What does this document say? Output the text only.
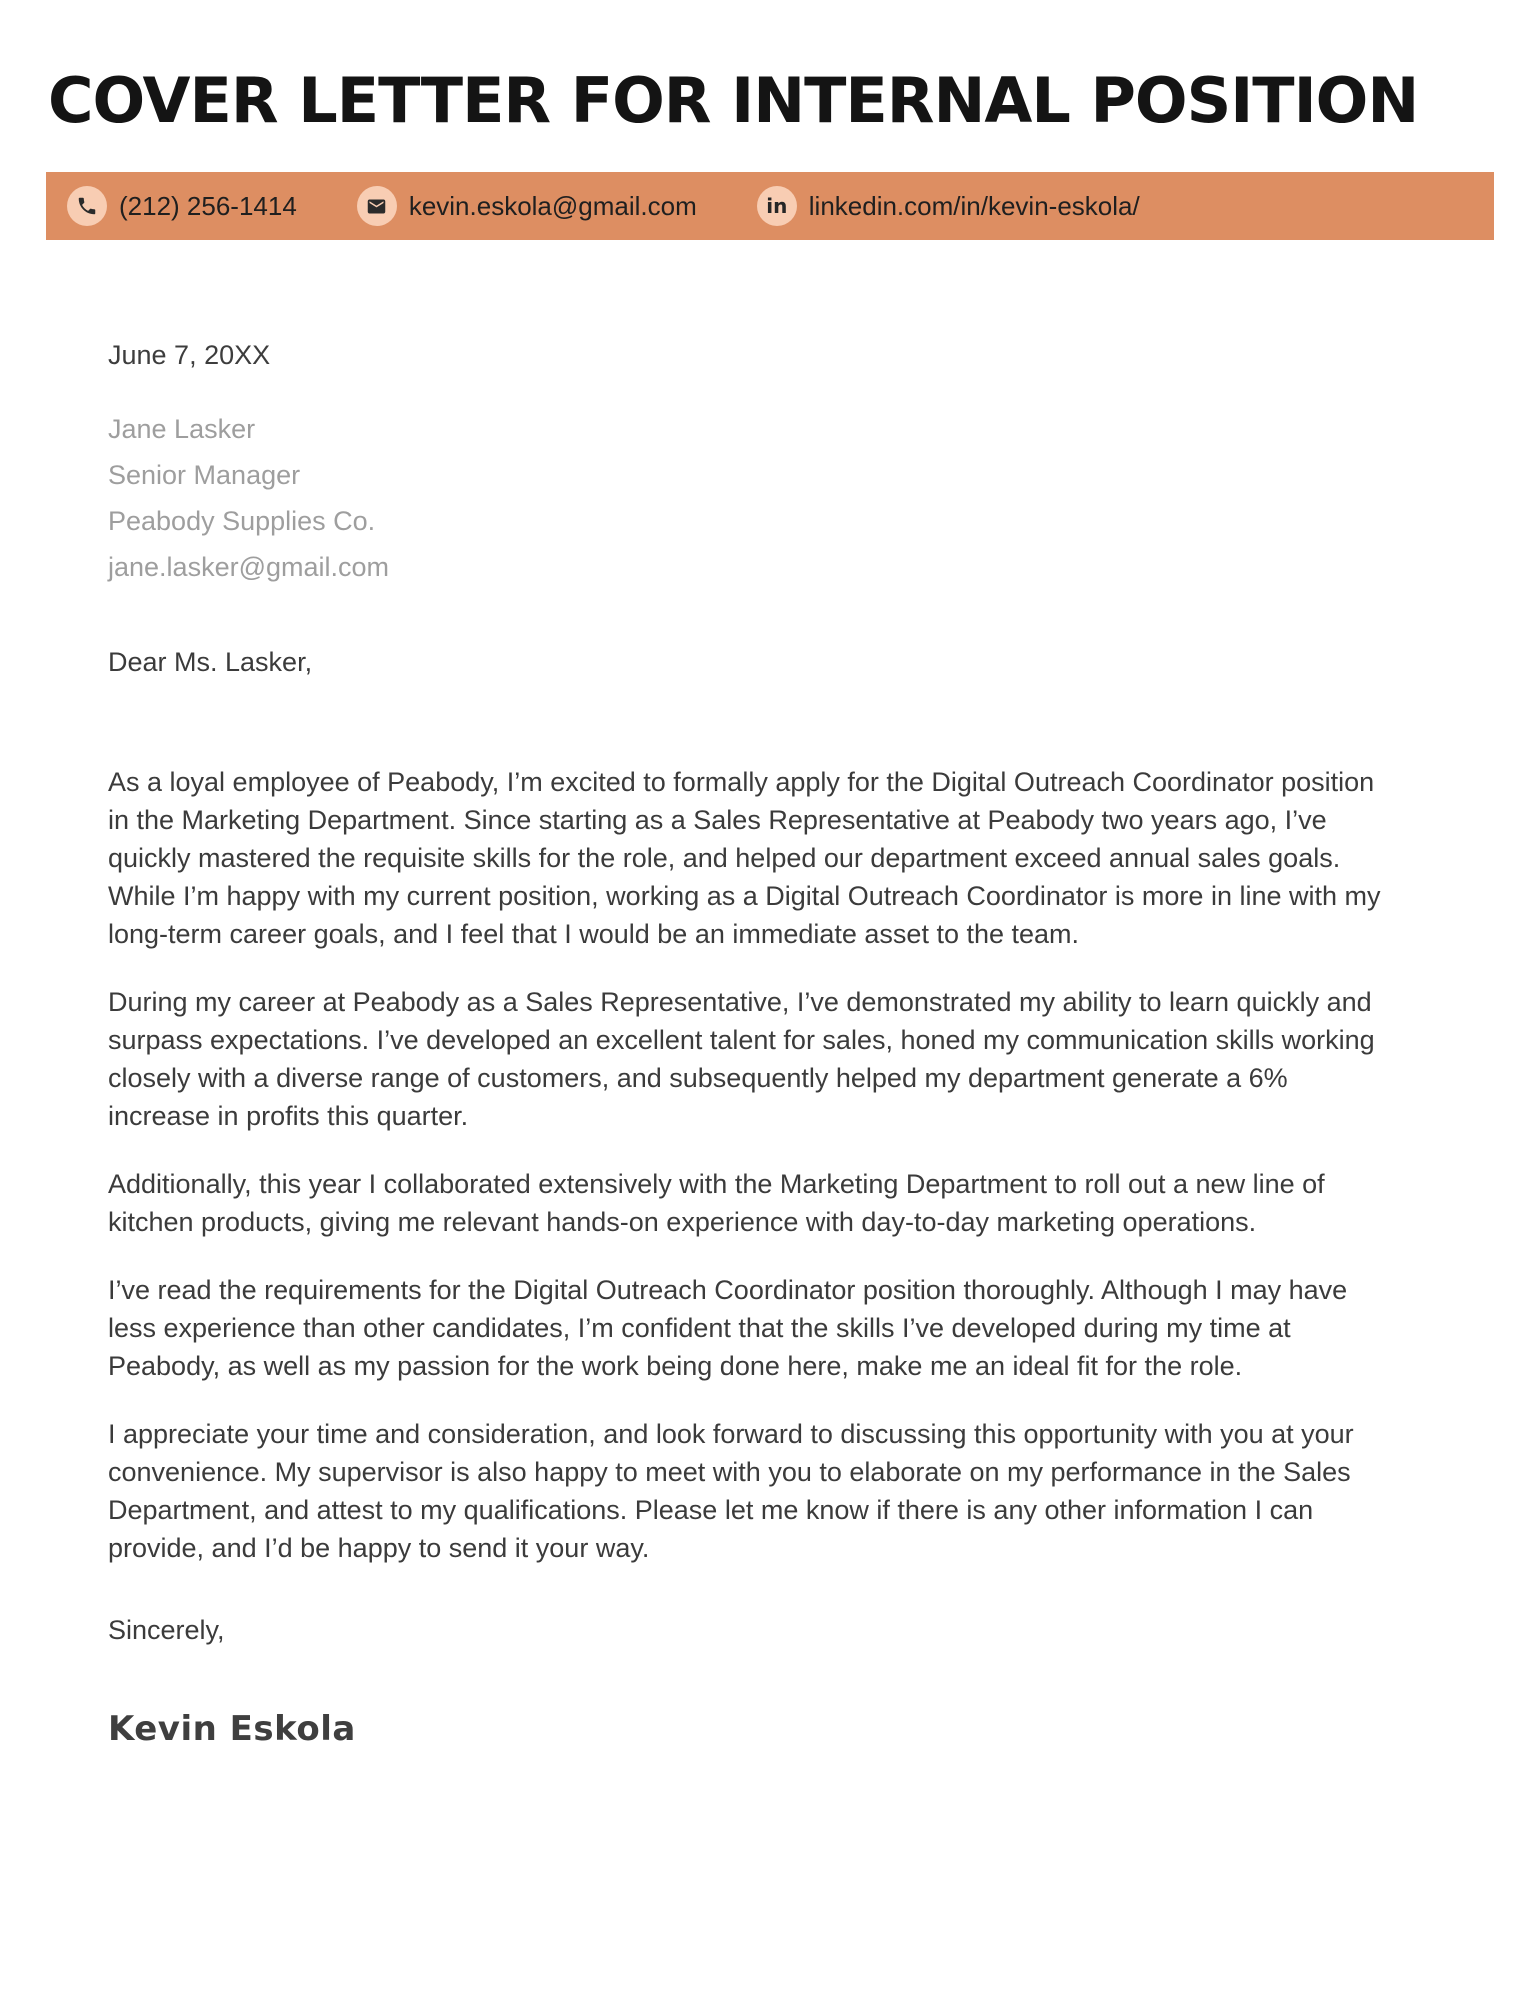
COVER LETTER FOR INTERNAL POSITION
(212) 256-1414	kevin.eskola@gmail.com	in linkedin.com/in/kevin-eskola/
June 7, 20XX
Jane Lasker
Senior Manager
Peabody Supplies Co.
jane.lasker@gmail.com
Dear Ms. Lasker,

As a loyal employee of Peabody, I’m excited to formally apply for the Digital Outreach Coordinator position in the Marketing Department. Since starting as a Sales Representative at Peabody two years ago, I’ve quickly mastered the requisite skills for the role, and helped our department exceed annual sales goals. While I’m happy with my current position, working as a Digital Outreach Coordinator is more in line with my long-term career goals, and I feel that I would be an immediate asset to the team.

During my career at Peabody as a Sales Representative, I’ve demonstrated my ability to learn quickly and surpass expectations. I’ve developed an excellent talent for sales, honed my communication skills working closely with a diverse range of customers, and subsequently helped my department generate a 6% increase in profits this quarter.

Additionally, this year I collaborated extensively with the Marketing Department to roll out a new line of kitchen products, giving me relevant hands-on experience with day-to-day marketing operations.

I’ve read the requirements for the Digital Outreach Coordinator position thoroughly. Although I may have less experience than other candidates, I’m confident that the skills I’ve developed during my time at Peabody, as well as my passion for the work being done here, make me an ideal fit for the role.

I appreciate your time and consideration, and look forward to discussing this opportunity with you at your convenience. My supervisor is also happy to meet with you to elaborate on my performance in the Sales Department, and attest to my qualifications. Please let me know if there is any other information I can provide, and I’d be happy to send it your way.

Sincerely,
Kevin Eskola
